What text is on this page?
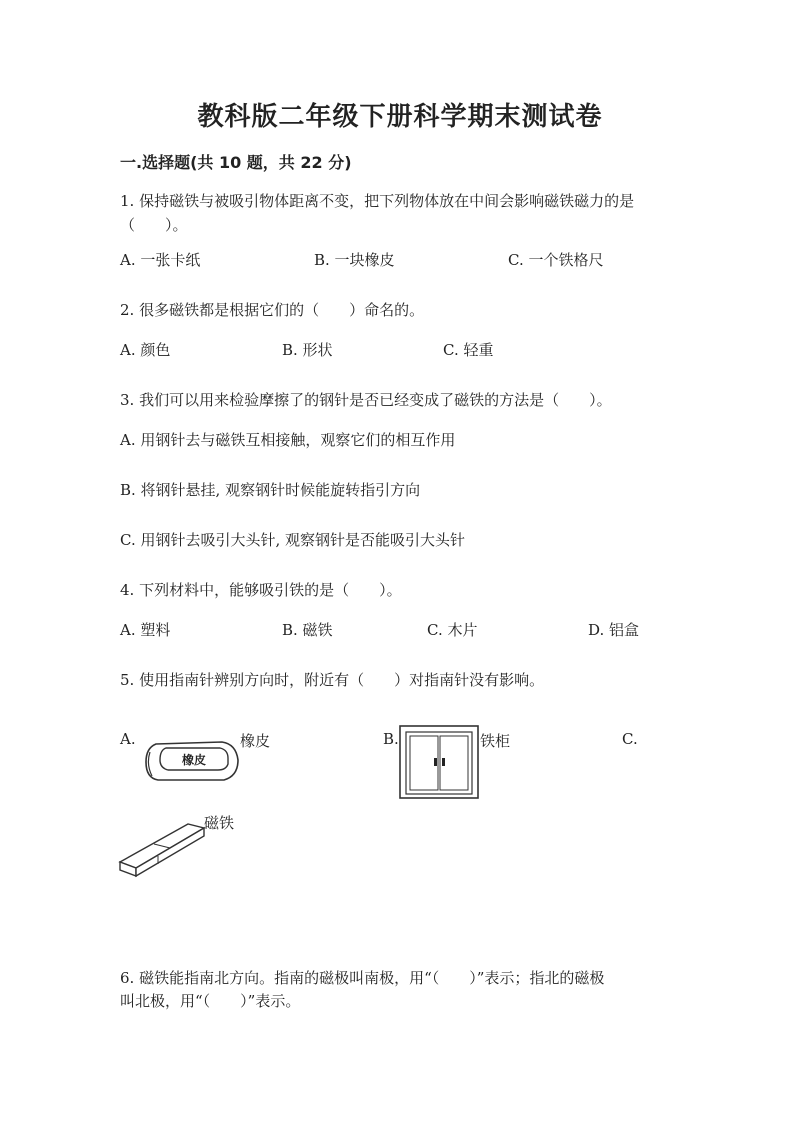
教科版二年级下册科学期末测试卷
一.选择题(共 10 题，共 22 分)
1. 保持磁铁与被吸引物体距离不变，把下列物体放在中间会影响磁铁磁力的是
（　　）。
A. 一张卡纸	B. 一块橡皮	C. 一个铁格尺
2. 很多磁铁都是根据它们的（　　）命名的。
A. 颜色	B. 形状	C. 轻重
3. 我们可以用来检验摩擦了的钢针是否已经变成了磁铁的方法是（　　）。
A. 用钢针去与磁铁互相接触，观察它们的相互作用
B. 将钢针悬挂, 观察钢针时候能旋转指引方向
C. 用钢针去吸引大头针, 观察钢针是否能吸引大头针
4. 下列材料中，能够吸引铁的是（　　）。
A. 塑料	B. 磁铁	C. 木片	D. 铝盒
5. 使用指南针辨别方向时，附近有（　　）对指南针没有影响。
A.
橡皮
橡皮	B.	铁柜	C.
磁铁
6. 磁铁能指南北方向。指南的磁极叫南极，用“（　　）”表示；指北的磁极
叫北极，用“（　　）”表示。
